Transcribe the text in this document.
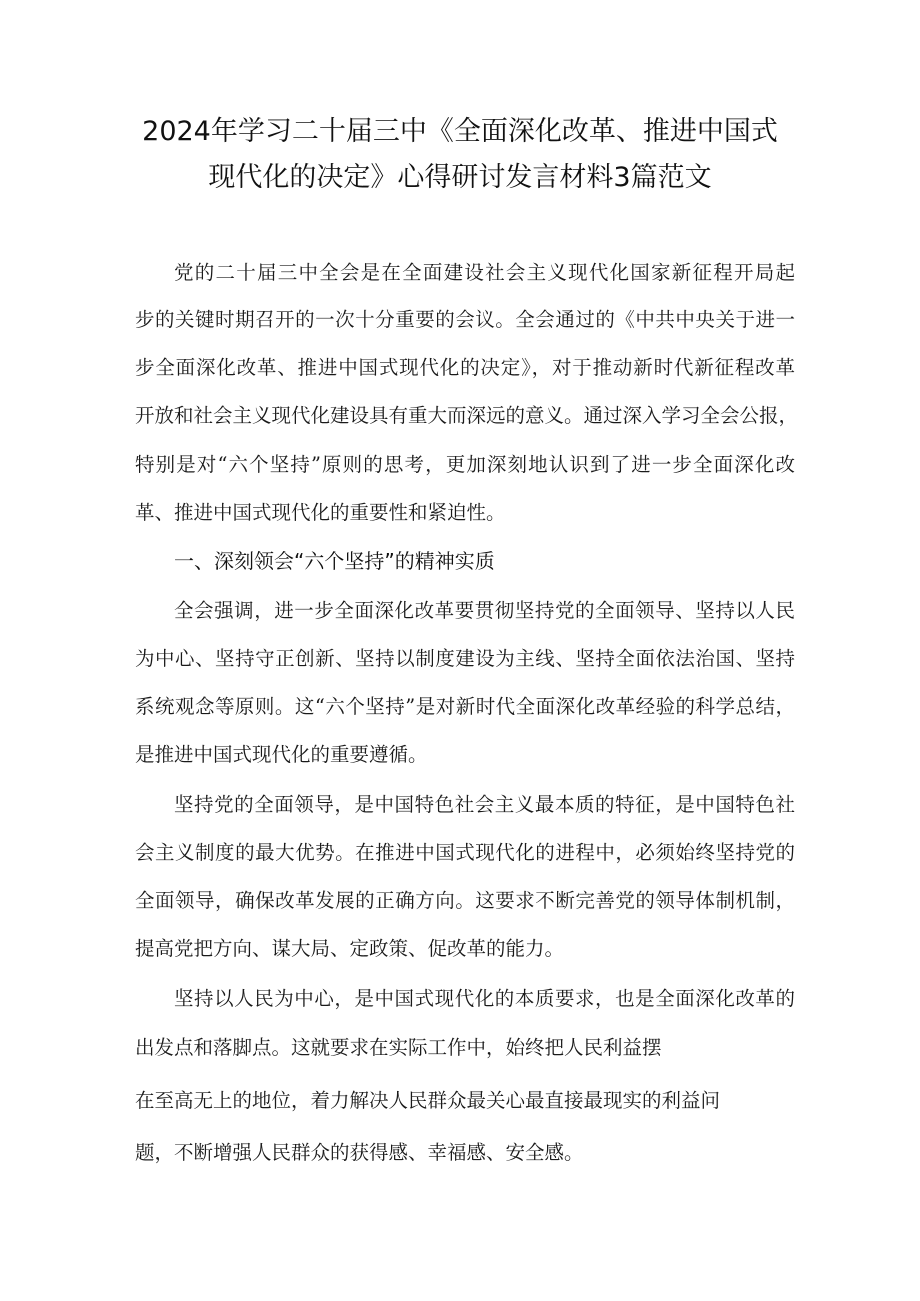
2024年学习二十届三中《全面深化改革、推进中国式
现代化的决定》心得研讨发言材料3篇范文
党的二十届三中全会是在全面建设社会主义现代化国家新征程开局起
步的关键时期召开的一次十分重要的会议。全会通过的《中共中央关于进一
步全面深化改革、推进中国式现代化的决定》，对于推动新时代新征程改革
开放和社会主义现代化建设具有重大而深远的意义。通过深入学习全会公报，
特别是对“六个坚持”原则的思考，更加深刻地认识到了进一步全面深化改
革、推进中国式现代化的重要性和紧迫性。
一、深刻领会“六个坚持”的精神实质
全会强调，进一步全面深化改革要贯彻坚持党的全面领导、坚持以人民
为中心、坚持守正创新、坚持以制度建设为主线、坚持全面依法治国、坚持
系统观念等原则。这“六个坚持”是对新时代全面深化改革经验的科学总结，
是推进中国式现代化的重要遵循。
坚持党的全面领导，是中国特色社会主义最本质的特征，是中国特色社
会主义制度的最大优势。在推进中国式现代化的进程中，必须始终坚持党的
全面领导，确保改革发展的正确方向。这要求不断完善党的领导体制机制，
提高党把方向、谋大局、定政策、促改革的能力。
坚持以人民为中心，是中国式现代化的本质要求，也是全面深化改革的
出发点和落脚点。这就要求在实际工作中，始终把人民利益摆
在至高无上的地位，着力解决人民群众最关心最直接最现实的利益问
题，不断增强人民群众的获得感、幸福感、安全感。
